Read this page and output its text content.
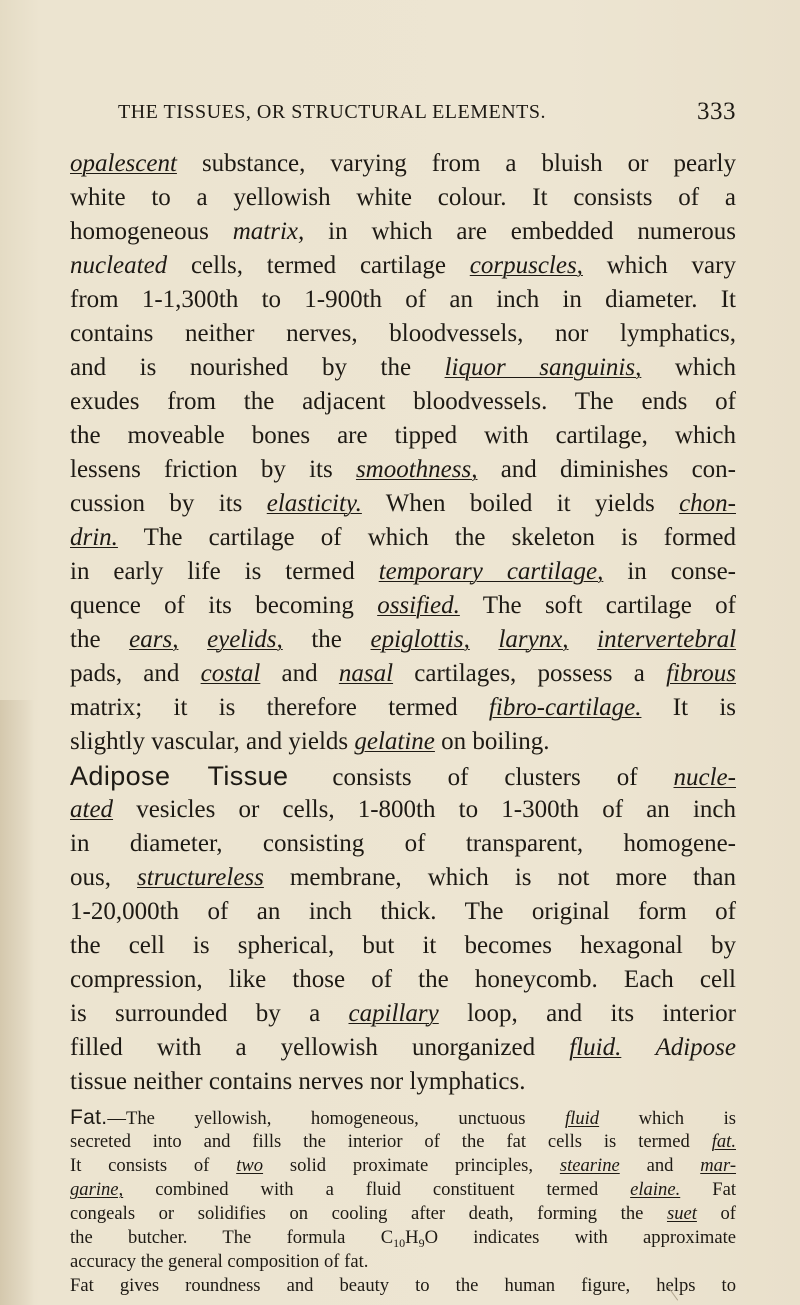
THE TISSUES, OR STRUCTURAL ELEMENTS.	333
opalescent substance, varying from a bluish or pearly
white to a yellowish white colour. It consists of a
homogeneous matrix, in which are embedded numerous
nucleated cells, termed cartilage corpuscles, which vary
from 1-1,300th to 1-900th of an inch in diameter. It
contains neither nerves, bloodvessels, nor lymphatics,
and is nourished by the liquor sanguinis, which
exudes from the adjacent bloodvessels. The ends of
the moveable bones are tipped with cartilage, which
lessens friction by its smoothness, and diminishes con-
cussion by its elasticity. When boiled it yields chon-
drin. The cartilage of which the skeleton is formed
in early life is termed temporary cartilage, in conse-
quence of its becoming ossified. The soft cartilage of
the ears, eyelids, the epiglottis, larynx, intervertebral
pads, and costal and nasal cartilages, possess a fibrous
matrix; it is therefore termed fibro-cartilage. It is
slightly vascular, and yields gelatine on boiling.
Adipose Tissue consists of clusters of nucle-
ated vesicles or cells, 1-800th to 1-300th of an inch
in diameter, consisting of transparent, homogene-
ous, structureless membrane, which is not more than
1-20,000th of an inch thick. The original form of
the cell is spherical, but it becomes hexagonal by
compression, like those of the honeycomb. Each cell
is surrounded by a capillary loop, and its interior
filled with a yellowish unorganized fluid. Adipose
tissue neither contains nerves nor lymphatics.
Fat.—The yellowish, homogeneous, unctuous fluid which is
secreted into and fills the interior of the fat cells is termed fat.
It consists of two solid proximate principles, stearine and mar-
garine, combined with a fluid constituent termed elaine. Fat
congeals or solidifies on cooling after death, forming the suet of
the butcher. The formula $C_{10}H_9O$ indicates with approximate
accuracy the general composition of fat.
Fat gives roundness and beauty to the human figure, helps to
